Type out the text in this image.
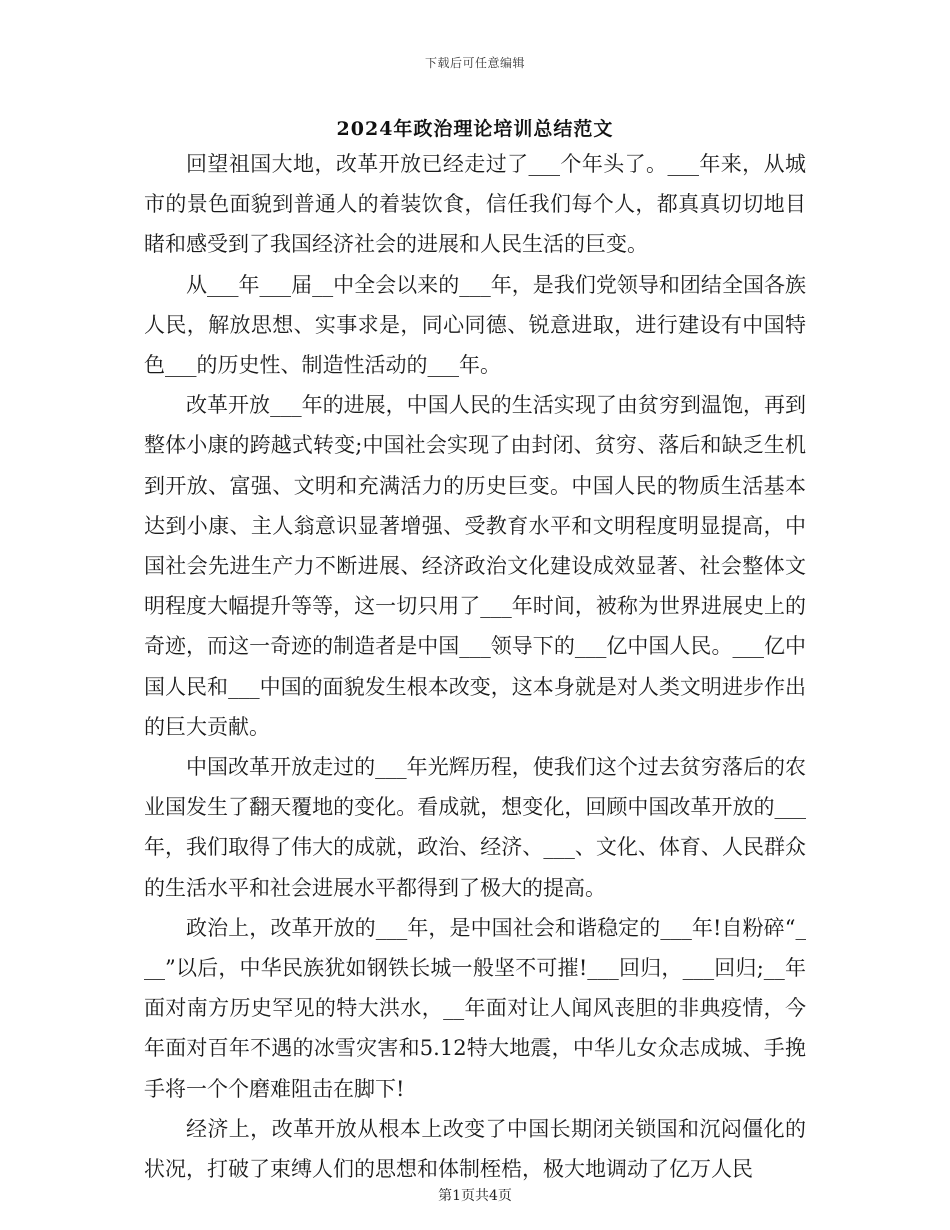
下载后可任意编辑
2024年政治理论培训总结范文

回望祖国大地，改革开放已经走过了___个年头了。___年来，从城市的景色面貌到普通人的着装饮食，信任我们每个人，都真真切切地目睹和感受到了我国经济社会的进展和人民生活的巨变。

从___年___届__中全会以来的___年，是我们党领导和团结全国各族人民，解放思想、实事求是，同心同德、锐意进取，进行建设有中国特色___的历史性、制造性活动的___年。

改革开放___年的进展，中国人民的生活实现了由贫穷到温饱，再到整体小康的跨越式转变;中国社会实现了由封闭、贫穷、落后和缺乏生机到开放、富强、文明和充满活力的历史巨变。中国人民的物质生活基本达到小康、主人翁意识显著增强、受教育水平和文明程度明显提高，中国社会先进生产力不断进展、经济政治文化建设成效显著、社会整体文明程度大幅提升等等，这一切只用了___年时间，被称为世界进展史上的奇迹，而这一奇迹的制造者是中国___领导下的___亿中国人民。___亿中国人民和___中国的面貌发生根本改变，这本身就是对人类文明进步作出的巨大贡献。

中国改革开放走过的___年光辉历程，使我们这个过去贫穷落后的农业国发生了翻天覆地的变化。看成就，想变化，回顾中国改革开放的___年，我们取得了伟大的成就，政治、经济、___、文化、体育、人民群众的生活水平和社会进展水平都得到了极大的提高。

政治上，改革开放的___年，是中国社会和谐稳定的___年!自粉碎“___”以后，中华民族犹如钢铁长城一般坚不可摧!___回归，___回归;__年面对南方历史罕见的特大洪水，__年面对让人闻风丧胆的非典疫情，今年面对百年不遇的冰雪灾害和5.12特大地震，中华儿女众志成城、手挽手将一个个磨难阻击在脚下!

经济上，改革开放从根本上改变了中国长期闭关锁国和沉闷僵化的状况，打破了束缚人们的思想和体制桎梏，极大地调动了亿万人民

第1页共4页
